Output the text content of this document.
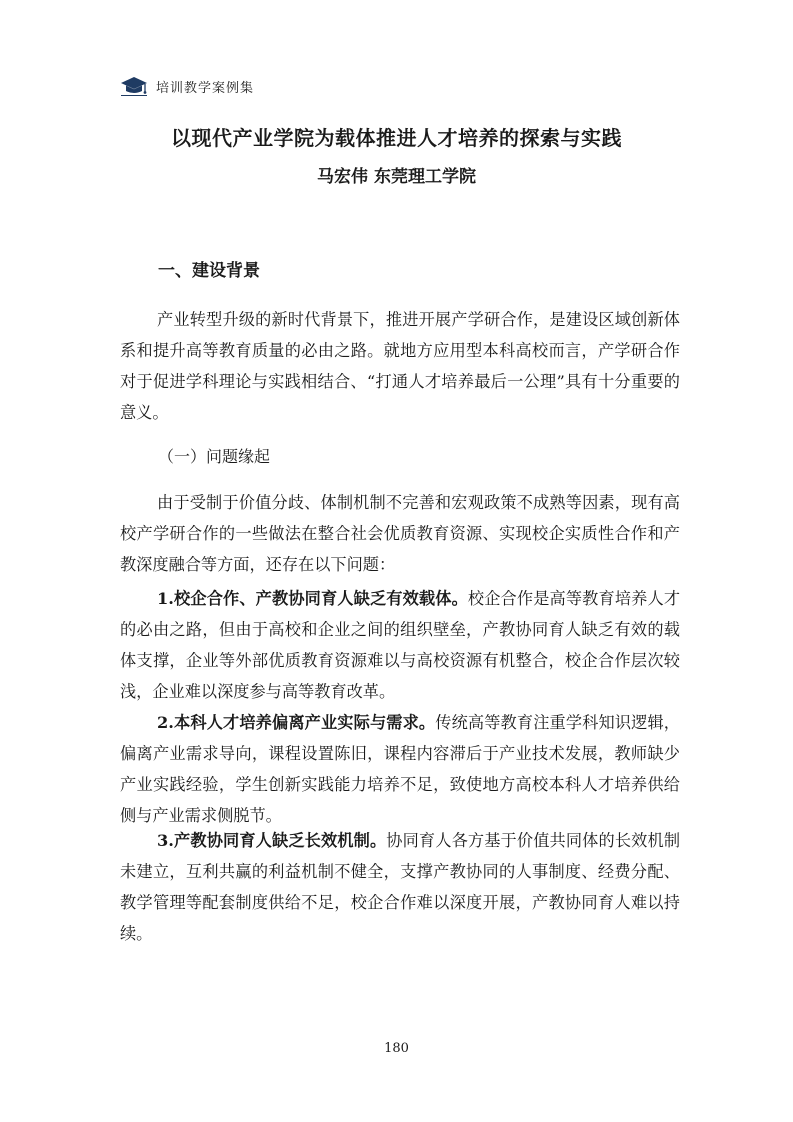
培训教学案例集
以现代产业学院为载体推进人才培养的探索与实践
马宏伟 东莞理工学院
一、建设背景

产业转型升级的新时代背景下，推进开展产学研合作，是建设区域创新体系和提升高等教育质量的必由之路。就地方应用型本科高校而言，产学研合作对于促进学科理论与实践相结合、“打通人才培养最后一公理”具有十分重要的意义。

（一）问题缘起

由于受制于价值分歧、体制机制不完善和宏观政策不成熟等因素，现有高校产学研合作的一些做法在整合社会优质教育资源、实现校企实质性合作和产教深度融合等方面，还存在以下问题：

1.校企合作、产教协同育人缺乏有效载体。校企合作是高等教育培养人才的必由之路，但由于高校和企业之间的组织壁垒，产教协同育人缺乏有效的载体支撑，企业等外部优质教育资源难以与高校资源有机整合，校企合作层次较浅，企业难以深度参与高等教育改革。

2.本科人才培养偏离产业实际与需求。传统高等教育注重学科知识逻辑，偏离产业需求导向，课程设置陈旧，课程内容滞后于产业技术发展，教师缺少产业实践经验，学生创新实践能力培养不足，致使地方高校本科人才培养供给侧与产业需求侧脱节。

3.产教协同育人缺乏长效机制。协同育人各方基于价值共同体的长效机制未建立，互利共赢的利益机制不健全，支撑产教协同的人事制度、经费分配、教学管理等配套制度供给不足，校企合作难以深度开展，产教协同育人难以持续。

180
